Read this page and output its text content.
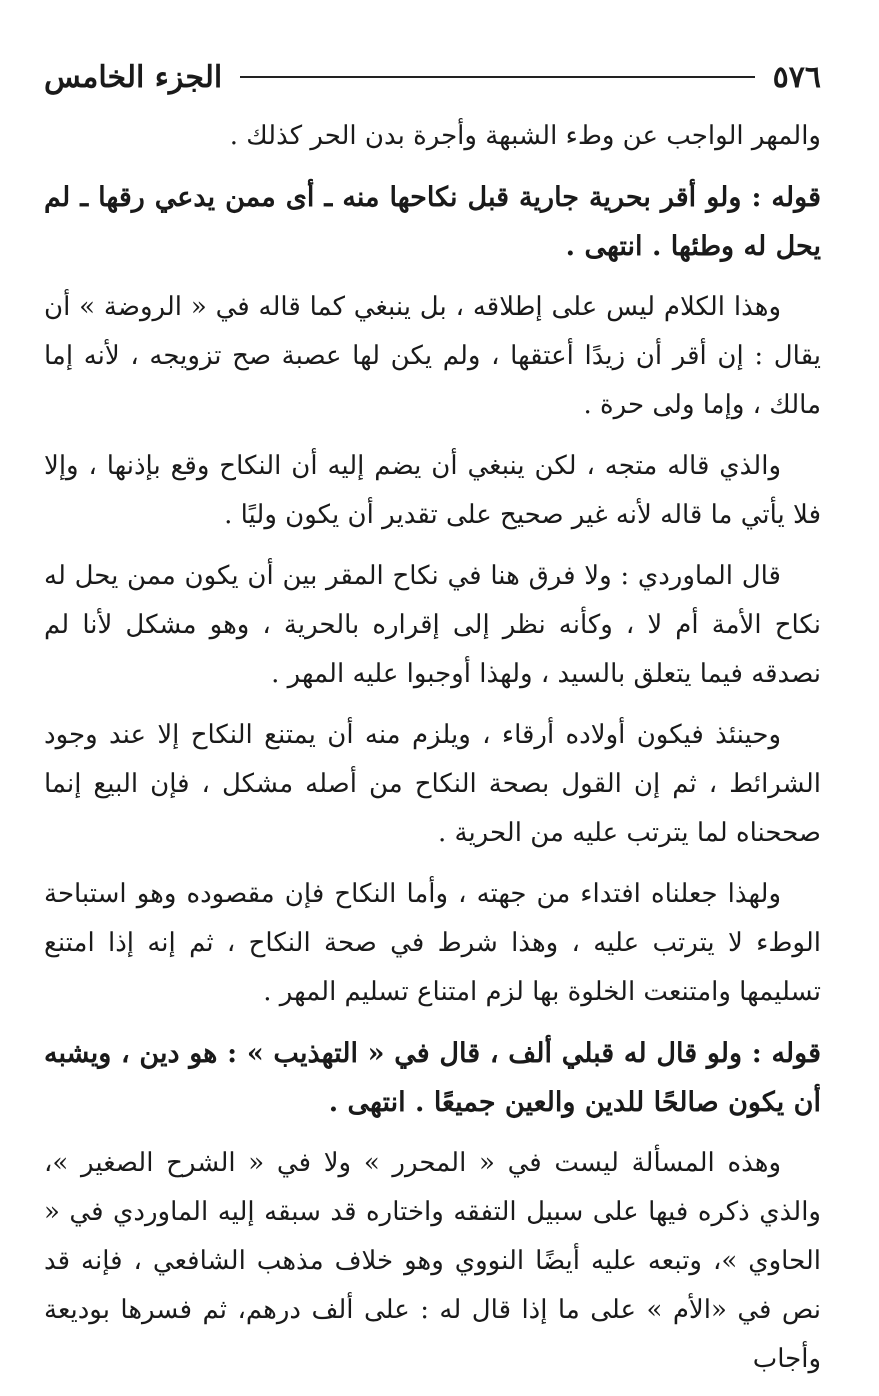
٥٧٦
الجزء الخامس

والمهر الواجب عن وطء الشبهة وأجرة بدن الحر كذلك .

قوله : ولو أقر بحرية جارية قبل نكاحها منه ـ أى ممن يدعي رقها ـ لم يحل له وطئها . انتهى .

وهذا الكلام ليس على إطلاقه ، بل ينبغي كما قاله في « الروضة » أن يقال : إن أقر أن زيدًا أعتقها ، ولم يكن لها عصبة صح تزويجه ، لأنه إما مالك ، وإما ولى حرة .

والذي قاله متجه ، لكن ينبغي أن يضم إليه أن النكاح وقع بإذنها ، وإلا فلا يأتي ما قاله لأنه غير صحيح على تقدير أن يكون وليًا .

قال الماوردي : ولا فرق هنا في نكاح المقر بين أن يكون ممن يحل له نكاح الأمة أم لا ، وكأنه نظر إلى إقراره بالحرية ، وهو مشكل لأنا لم نصدقه فيما يتعلق بالسيد ، ولهذا أوجبوا عليه المهر .

وحينئذ فيكون أولاده أرقاء ، ويلزم منه أن يمتنع النكاح إلا عند وجود الشرائط ، ثم إن القول بصحة النكاح من أصله مشكل ، فإن البيع إنما صححناه لما يترتب عليه من الحرية .

ولهذا جعلناه افتداء من جهته ، وأما النكاح فإن مقصوده وهو استباحة الوطء لا يترتب عليه ، وهذا شرط في صحة النكاح ، ثم إنه إذا امتنع تسليمها وامتنعت الخلوة بها لزم امتناع تسليم المهر .

قوله : ولو قال له قبلي ألف ، قال في « التهذيب » : هو دين ، ويشبه أن يكون صالحًا للدين والعين جميعًا . انتهى .

وهذه المسألة ليست في « المحرر » ولا في « الشرح الصغير »، والذي ذكره فيها على سبيل التفقه واختاره قد سبقه إليه الماوردي في « الحاوي »، وتبعه عليه أيضًا النووي وهو خلاف مذهب الشافعي ، فإنه قد نص في «الأم » على ما إذا قال له : على ألف درهم، ثم فسرها بوديعة وأجاب
